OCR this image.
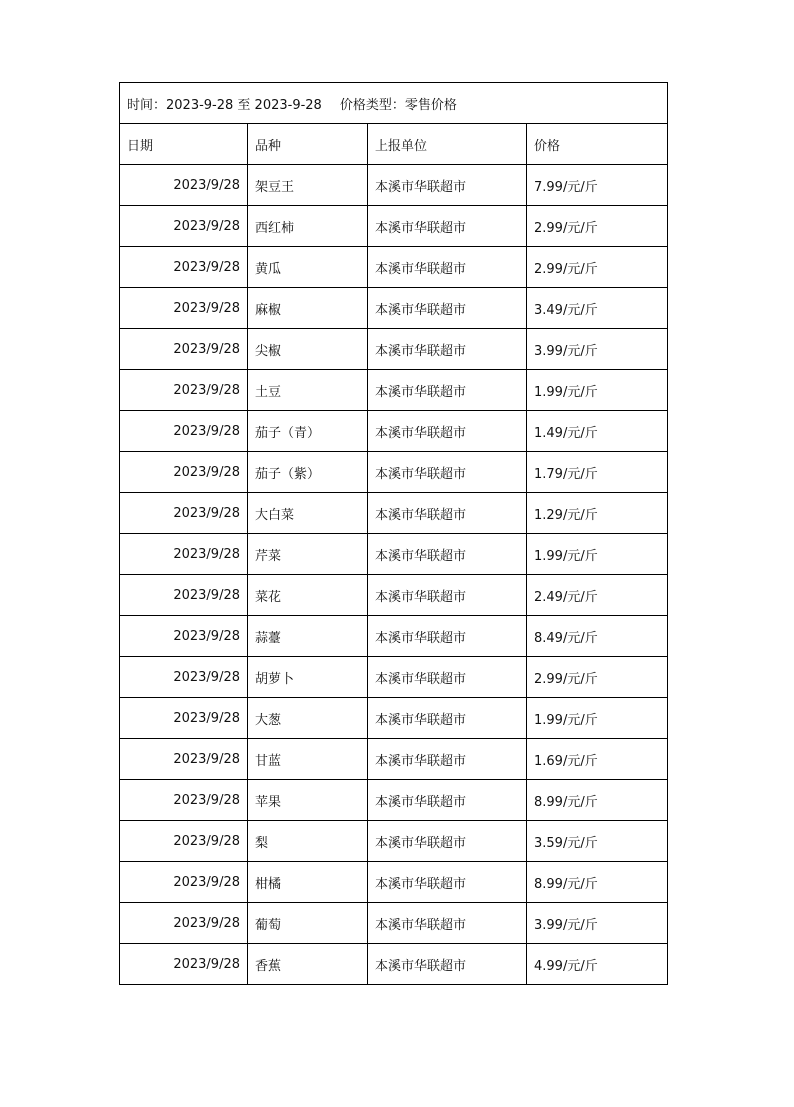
时间：2023-9-28 至 2023-9-28 价格类型：零售价格			
日期	品种	上报单位	价格
2023/9/28	架豆王	本溪市华联超市	7.99/元/斤
2023/9/28	西红柿	本溪市华联超市	2.99/元/斤
2023/9/28	黄瓜	本溪市华联超市	2.99/元/斤
2023/9/28	麻椒	本溪市华联超市	3.49/元/斤
2023/9/28	尖椒	本溪市华联超市	3.99/元/斤
2023/9/28	土豆	本溪市华联超市	1.99/元/斤
2023/9/28	茄子（青）	本溪市华联超市	1.49/元/斤
2023/9/28	茄子（紫）	本溪市华联超市	1.79/元/斤
2023/9/28	大白菜	本溪市华联超市	1.29/元/斤
2023/9/28	芹菜	本溪市华联超市	1.99/元/斤
2023/9/28	菜花	本溪市华联超市	2.49/元/斤
2023/9/28	蒜薹	本溪市华联超市	8.49/元/斤
2023/9/28	胡萝卜	本溪市华联超市	2.99/元/斤
2023/9/28	大葱	本溪市华联超市	1.99/元/斤
2023/9/28	甘蓝	本溪市华联超市	1.69/元/斤
2023/9/28	苹果	本溪市华联超市	8.99/元/斤
2023/9/28	梨	本溪市华联超市	3.59/元/斤
2023/9/28	柑橘	本溪市华联超市	8.99/元/斤
2023/9/28	葡萄	本溪市华联超市	3.99/元/斤
2023/9/28	香蕉	本溪市华联超市	4.99/元/斤
